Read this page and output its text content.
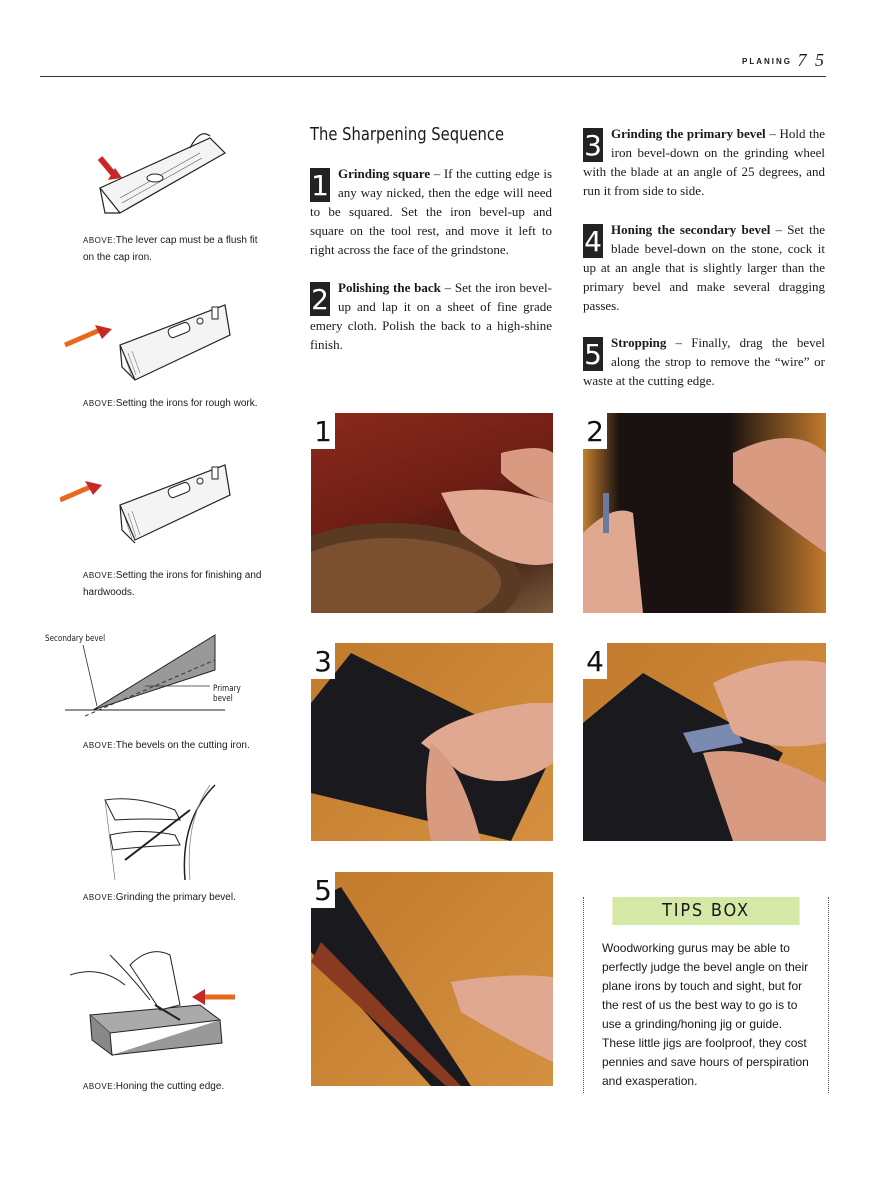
PLANING 7 5
ABOVE:The lever cap must be a flush fit on the cap iron.
ABOVE:Setting the irons for rough work.
ABOVE:Setting the irons for finishing and hardwoods.
Secondary bevel
Primary bevel
ABOVE:The bevels on the cutting iron.
ABOVE:Grinding the primary bevel.
ABOVE:Honing the cutting edge.
The Sharpening Sequence
1 Grinding square – If the cutting edge is any way nicked, then the edge will need to be squared. Set the iron bevel-up and square on the tool rest, and move it left to right across the face of the grindstone.
2 Polishing the back – Set the iron bevel-up and lap it on a sheet of fine grade emery cloth. Polish the back to a high-shine finish.
3 Grinding the primary bevel – Hold the iron bevel-down on the grinding wheel with the blade at an angle of 25 degrees, and run it from side to side.
4 Honing the secondary bevel – Set the blade bevel-down on the stone, cock it up at an angle that is slightly larger than the primary bevel and make several dragging passes.
5 Stropping – Finally, drag the bevel along the strop to remove the “wire” or waste at the cutting edge.
1	2
3	4
5
TIPS BOX
Woodworking gurus may be able to perfectly judge the bevel angle on their plane irons by touch and sight, but for the rest of us the best way to go is to use a grinding/honing jig or guide. These little jigs are foolproof, they cost pennies and save hours of perspiration and exasperation.
